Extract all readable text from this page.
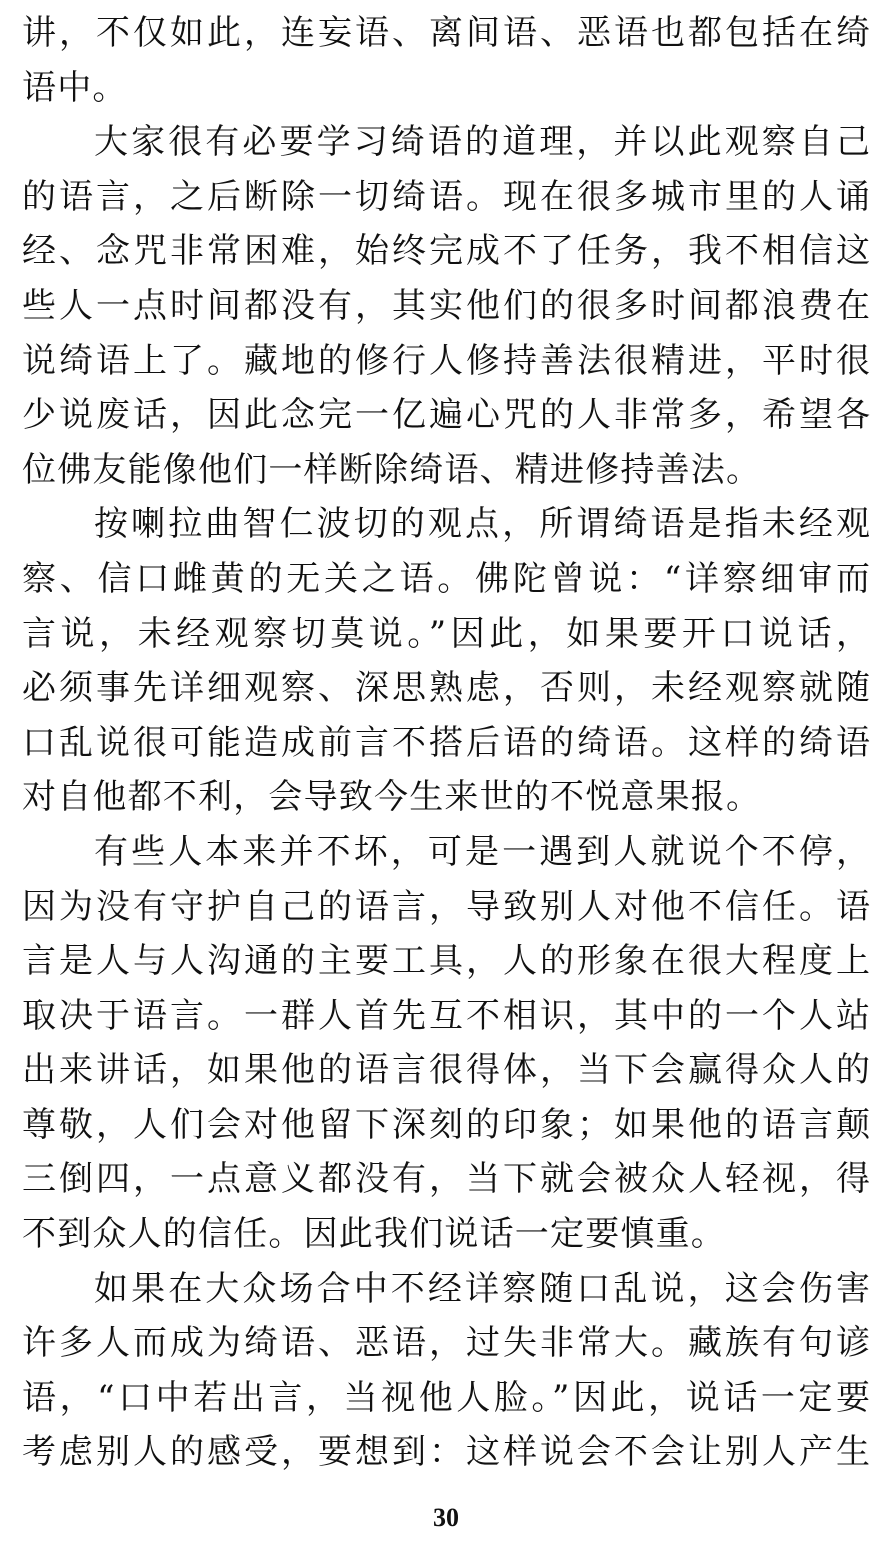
讲，不仅如此，连妄语、离间语、恶语也都包括在绮
语中。
大家很有必要学习绮语的道理，并以此观察自己
的语言，之后断除一切绮语。现在很多城市里的人诵
经、念咒非常困难，始终完成不了任务，我不相信这
些人一点时间都没有，其实他们的很多时间都浪费在
说绮语上了。藏地的修行人修持善法很精进，平时很
少说废话，因此念完一亿遍心咒的人非常多，希望各
位佛友能像他们一样断除绮语、精进修持善法。
按喇拉曲智仁波切的观点，所谓绮语是指未经观
察、信口雌黄的无关之语。佛陀曾说：“详察细审而
言说，未经观察切莫说。”因此，如果要开口说话，
必须事先详细观察、深思熟虑，否则，未经观察就随
口乱说很可能造成前言不搭后语的绮语。这样的绮语
对自他都不利，会导致今生来世的不悦意果报。
有些人本来并不坏，可是一遇到人就说个不停，
因为没有守护自己的语言，导致别人对他不信任。语
言是人与人沟通的主要工具，人的形象在很大程度上
取决于语言。一群人首先互不相识，其中的一个人站
出来讲话，如果他的语言很得体，当下会赢得众人的
尊敬，人们会对他留下深刻的印象；如果他的语言颠
三倒四，一点意义都没有，当下就会被众人轻视，得
不到众人的信任。因此我们说话一定要慎重。
如果在大众场合中不经详察随口乱说，这会伤害
许多人而成为绮语、恶语，过失非常大。藏族有句谚
语，“口中若出言，当视他人脸。”因此，说话一定要
考虑别人的感受，要想到：这样说会不会让别人产生
30
